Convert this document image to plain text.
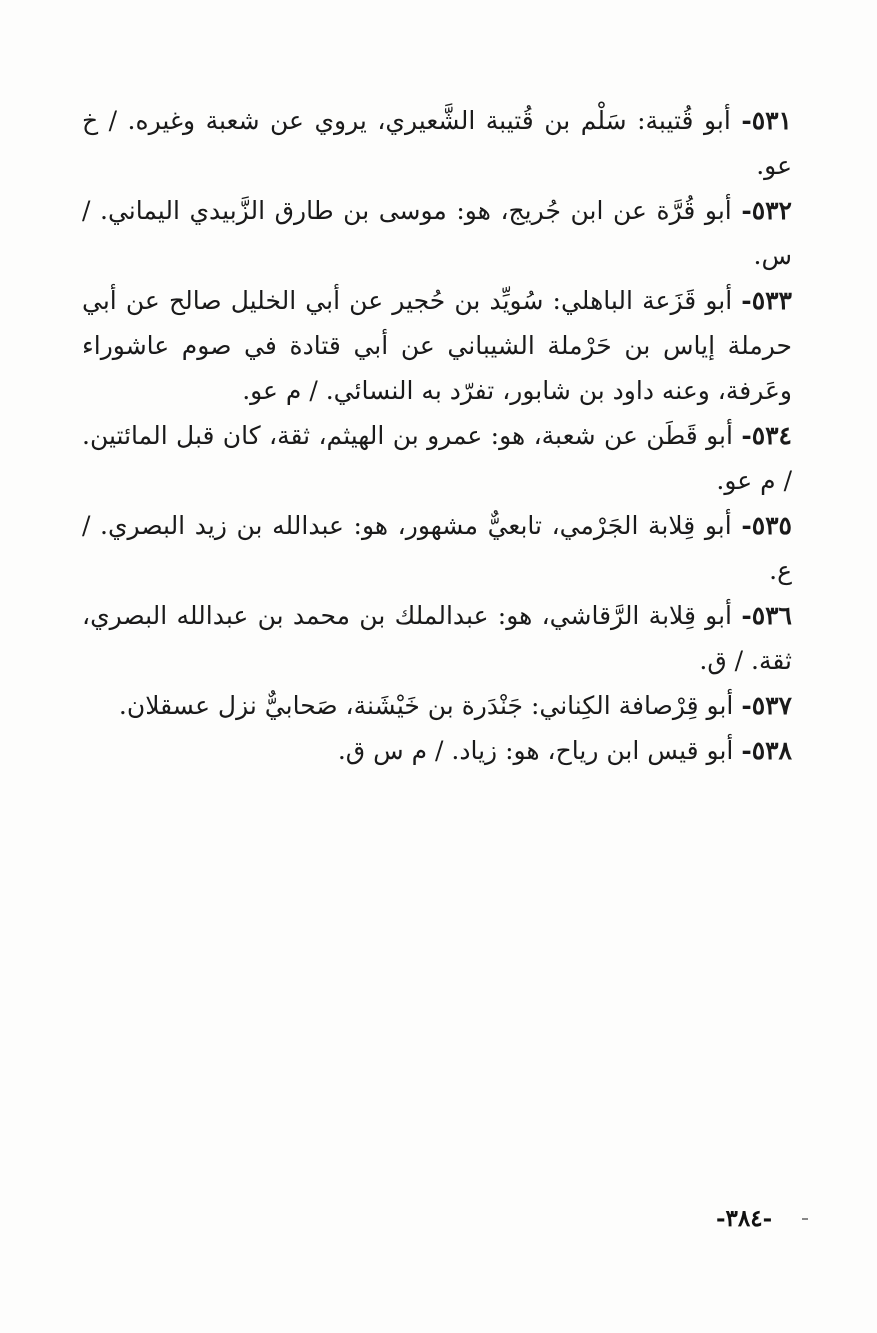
٥٣١- أبو قُتيبة: سَلْم بن قُتيبة الشَّعيري، يروي عن شعبة وغيره. / خ عو.

٥٣٢- أبو قُرَّة عن ابن جُريج، هو: موسى بن طارق الزَّبيدي اليماني. / س.

٥٣٣- أبو قَزَعة الباهلي: سُويِّد بن حُجير عن أبي الخليل صالح عن أبي حرملة إياس بن حَرْملة الشيباني عن أبي قتادة في صوم عاشوراء وعَرفة، وعنه داود بن شابور، تفرّد به النسائي. / م عو.

٥٣٤- أبو قَطَن عن شعبة، هو: عمرو بن الهيثم، ثقة، كان قبل المائتين. / م عو.

٥٣٥- أبو قِلابة الجَرْمي، تابعيٌّ مشهور، هو: عبدالله بن زيد البصري. / ع.

٥٣٦- أبو قِلابة الرَّقاشي، هو: عبدالملك بن محمد بن عبدالله البصري، ثقة. / ق.

٥٣٧- أبو قِرْصافة الكِناني: جَنْدَرة بن خَيْشَنة، صَحابيٌّ نزل عسقلان.

٥٣٨- أبو قيس ابن رياح، هو: زياد. / م س ق.

-٣٨٤-
